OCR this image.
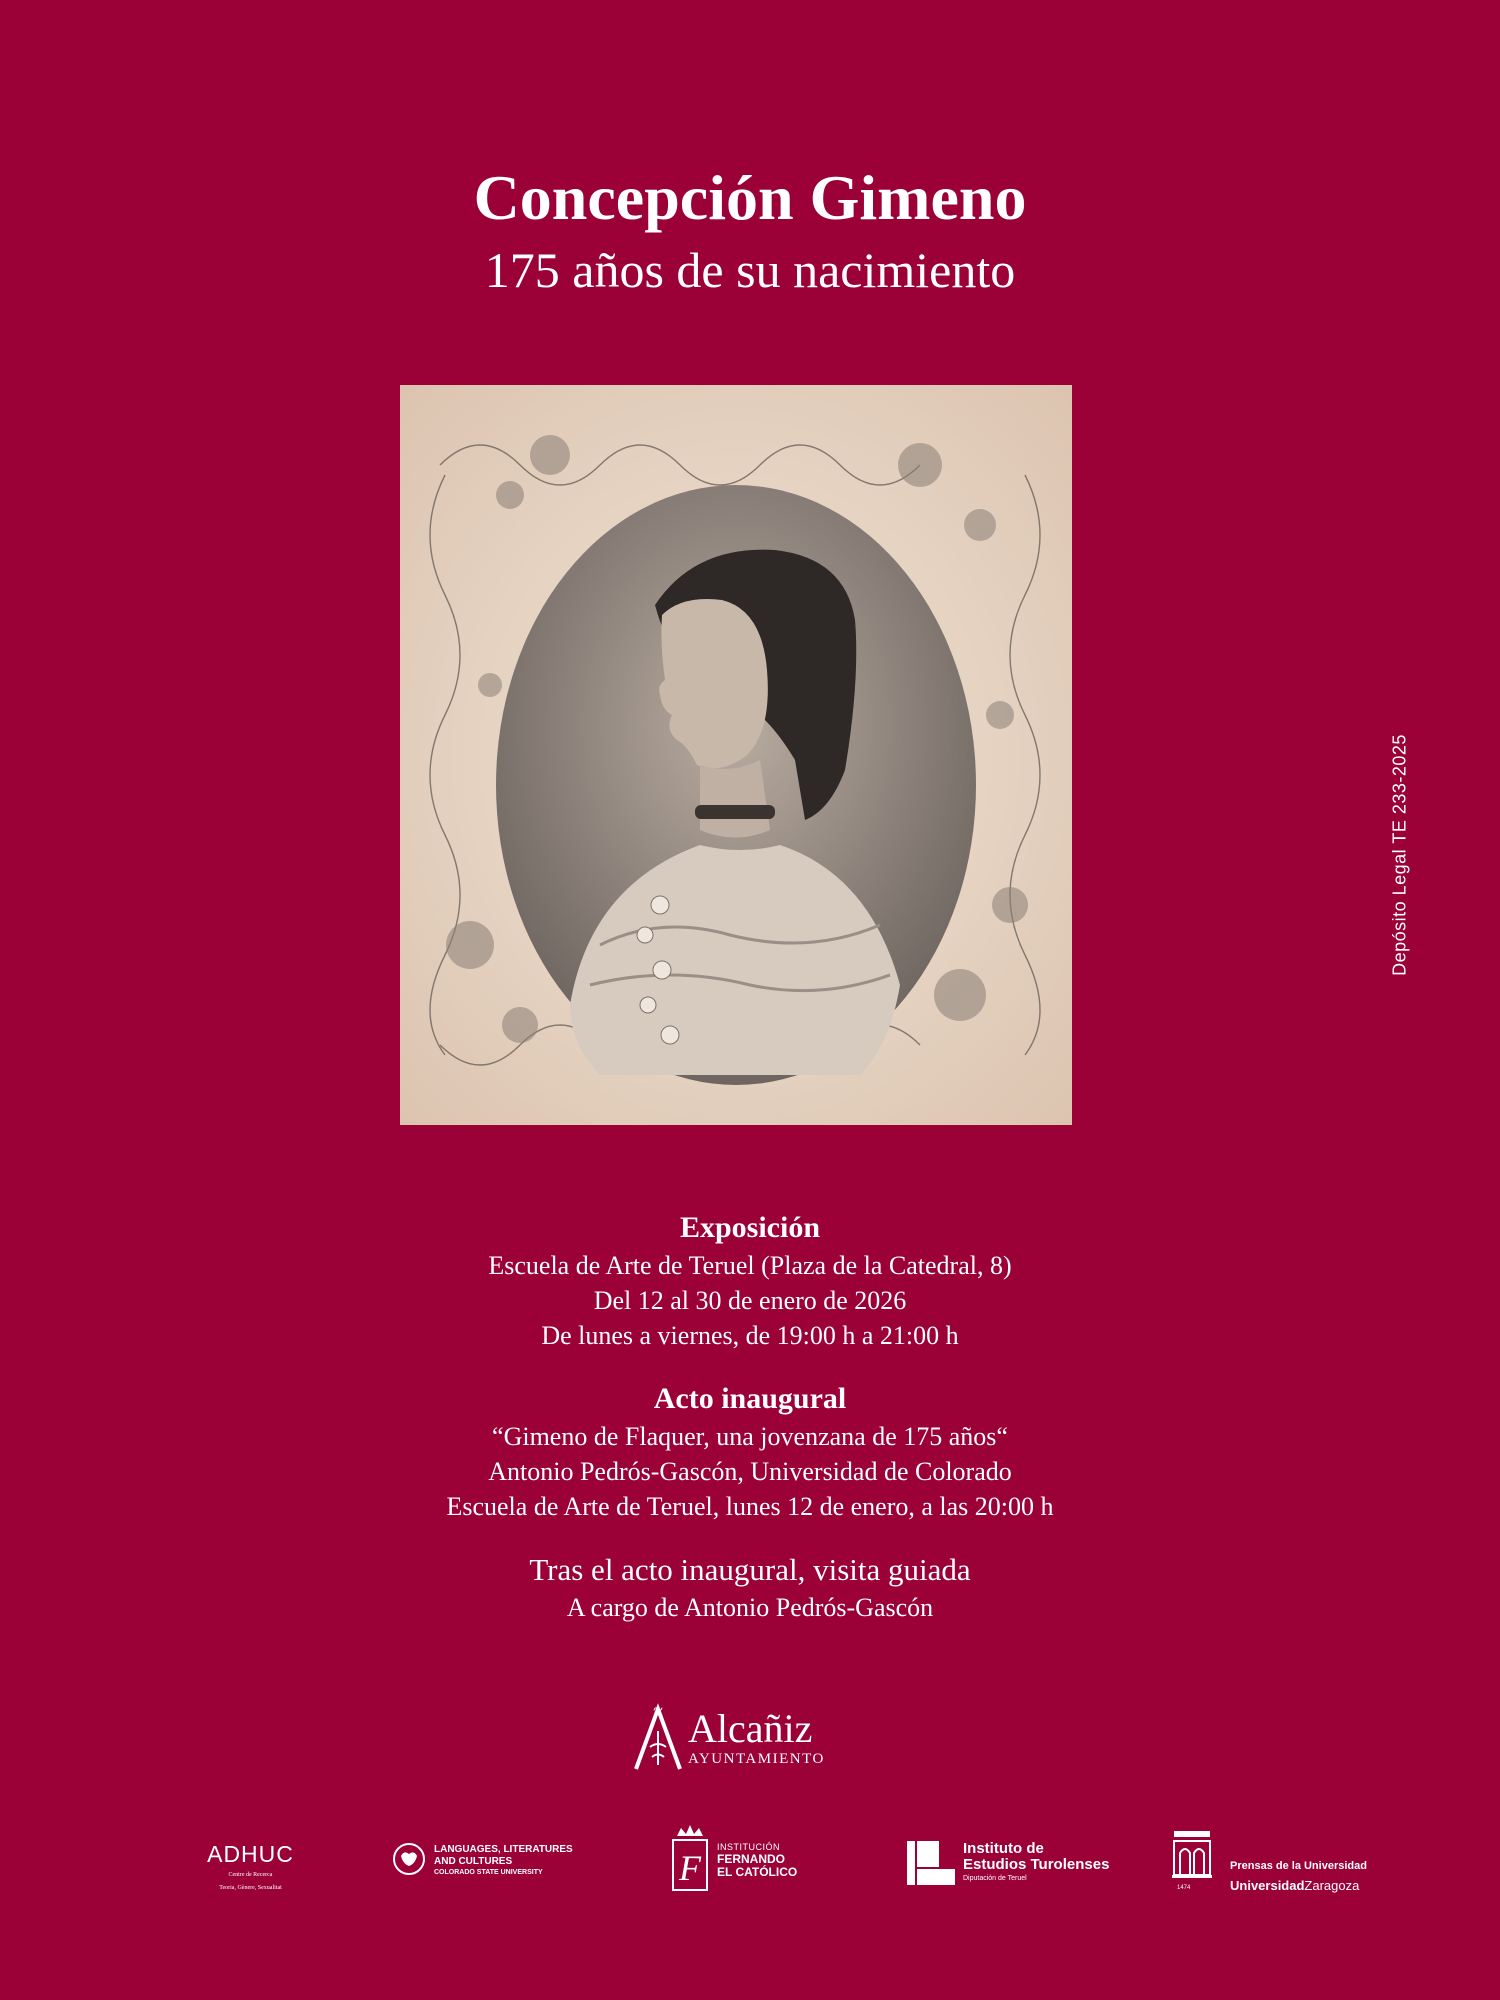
Concepción Gimeno
175 años de su nacimiento
Depósito Legal TE 233-2025
Exposición
Escuela de Arte de Teruel (Plaza de la Catedral, 8)
Del 12 al 30 de enero de 2026
De lunes a viernes, de 19:00 h a 21:00 h
Acto inaugural
“Gimeno de Flaquer, una jovenzana de 175 años“
Antonio Pedrós-Gascón, Universidad de Colorado
Escuela de Arte de Teruel, lunes 12 de enero, a las 20:00 h
Tras el acto inaugural, visita guiada
A cargo de Antonio Pedrós-Gascón
~ Alcañiz
AYUNTAMIENTO
ADHUC
Centre de Recerca
Teoria, Gènere, Sexualitat
LANGUAGES, LITERATURES
AND CULTURES
COLORADO STATE UNIVERSITY	F
INSTITUCIÓN
FERNANDO
EL CATÓLICO
Instituto de
Estudios Turolenses
Diputación de Teruel
1474
Prensas de la Universidad
UniversidadZaragoza
